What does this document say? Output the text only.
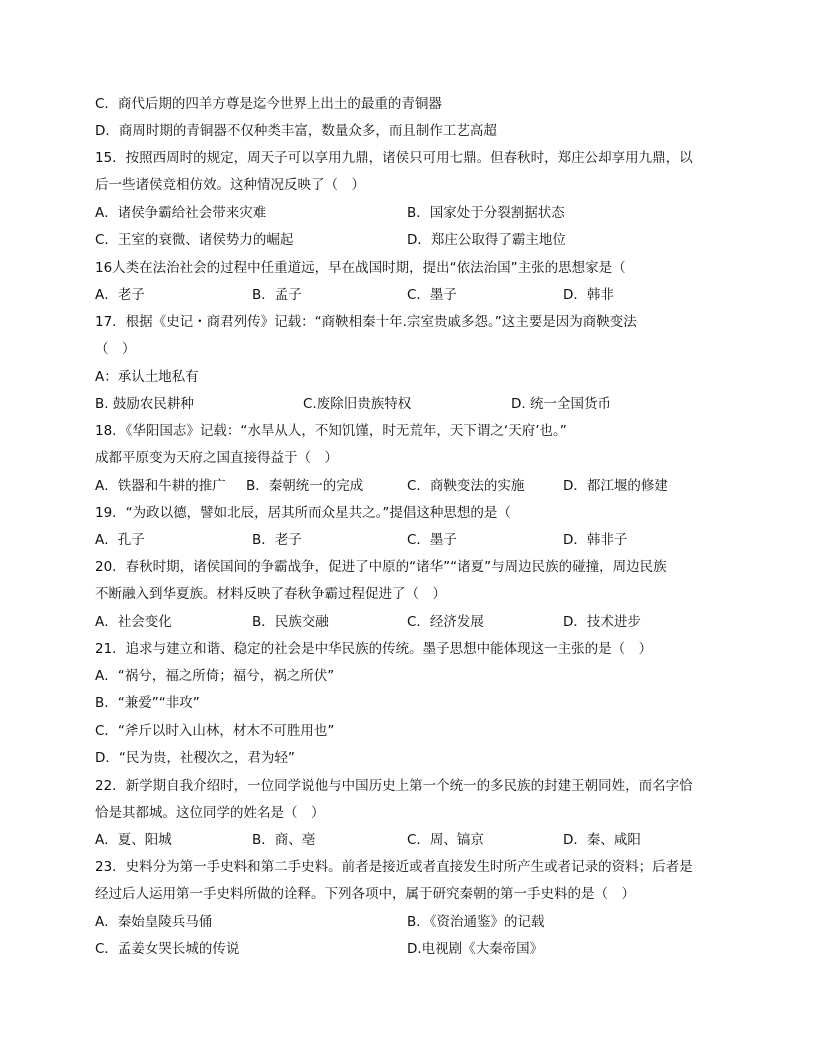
C．商代后期的四羊方尊是迄今世界上出土的最重的青铜器
D．商周时期的青铜器不仅种类丰富，数量众多，而且制作工艺高超
15．按照西周时的规定，周天子可以享用九鼎，诸侯只可用七鼎。但春秋时，郑庄公却享用九鼎，以
后一些诸侯竞相仿效。这种情况反映了（　）
A．诸侯争霸给社会带来灾难	B．国家处于分裂割据状态
C．王室的衰微、诸侯势力的崛起	D．郑庄公取得了霸主地位
16人类在法治社会的过程中任重道远，早在战国时期，提出“依法治国”主张的思想家是（
A．老子	B．孟子	C．墨子	D．韩非
17．根据《史记・商君列传》记载：“商鞅相秦十年.宗室贵戚多怨。”这主要是因为商鞅变法
（　）
A：承认土地私有
B. 鼓励农民耕种	C.废除旧贵族特权	D. 统一全国货币
18．《华阳国志》记载：“水旱从人，不知饥馑，时无荒年，天下谓之‘天府’也。”
成都平原变为天府之国直接得益于（　）
A．铁器和牛耕的推广 B．秦朝统一的完成	C．商鞅变法的实施	D．都江堰的修建
19．“为政以德，譬如北辰，居其所而众星共之。”提倡这种思想的是（
A．孔子	B．老子	C．墨子	D．韩非子
20．春秋时期，诸侯国间的争霸战争，促进了中原的“诸华”“诸夏”与周边民族的碰撞，周边民族
不断融入到华夏族。材料反映了春秋争霸过程促进了（　）
A．社会变化	B．民族交融	C．经济发展	D．技术进步
21．追求与建立和谐、稳定的社会是中华民族的传统。墨子思想中能体现这一主张的是（　）
A．“祸兮，福之所倚；福兮，祸之所伏”
B．“兼爱”“非攻”
C．“斧斤以时入山林，材木不可胜用也”
D．“民为贵，社稷次之，君为轻”
22．新学期自我介绍时，一位同学说他与中国历史上第一个统一的多民族的封建王朝同姓，而名字恰
恰是其都城。这位同学的姓名是（　）
A．夏、阳城	B．商、亳	C．周、镐京	D．秦、咸阳
23．史料分为第一手史料和第二手史料。前者是接近或者直接发生时所产生或者记录的资料；后者是
经过后人运用第一手史料所做的诠释。下列各项中，属于研究秦朝的第一手史料的是（　）
A．秦始皇陵兵马俑	B．《资治通鉴》的记载
C．孟姜女哭长城的传说	D.电视剧《大秦帝国》
